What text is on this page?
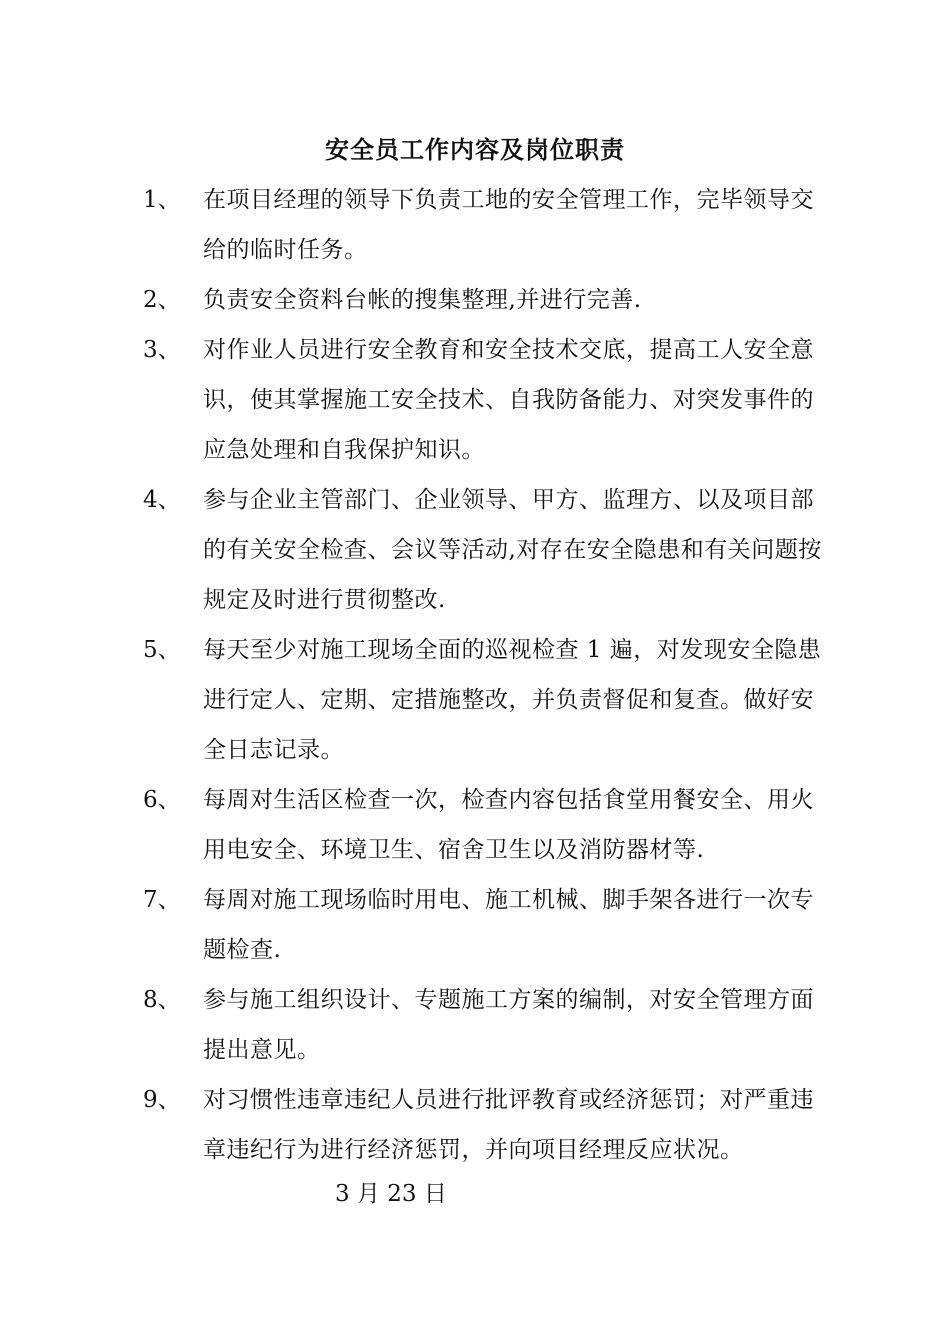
安全员工作内容及岗位职责
1、 在项目经理的领导下负责工地的安全管理工作，完毕领导交给的临时任务。
2、 负责安全资料台帐的搜集整理,并进行完善.
3、 对作业人员进行安全教育和安全技术交底，提高工人安全意识，使其掌握施工安全技术、自我防备能力、对突发事件的应急处理和自我保护知识。
4、 参与企业主管部门、企业领导、甲方、监理方、以及项目部的有关安全检查、会议等活动,对存在安全隐患和有关问题按规定及时进行贯彻整改.
5、 每天至少对施工现场全面的巡视检查 1 遍，对发现安全隐患进行定人、定期、定措施整改，并负责督促和复查。做好安全日志记录。
6、 每周对生活区检查一次，检查内容包括食堂用餐安全、用火用电安全、环境卫生、宿舍卫生以及消防器材等.
7、 每周对施工现场临时用电、施工机械、脚手架各进行一次专题检查.
8、 参与施工组织设计、专题施工方案的编制，对安全管理方面提出意见。
9、 对习惯性违章违纪人员进行批评教育或经济惩罚；对严重违章违纪行为进行经济惩罚，并向项目经理反应状况。

3 月 23 日
